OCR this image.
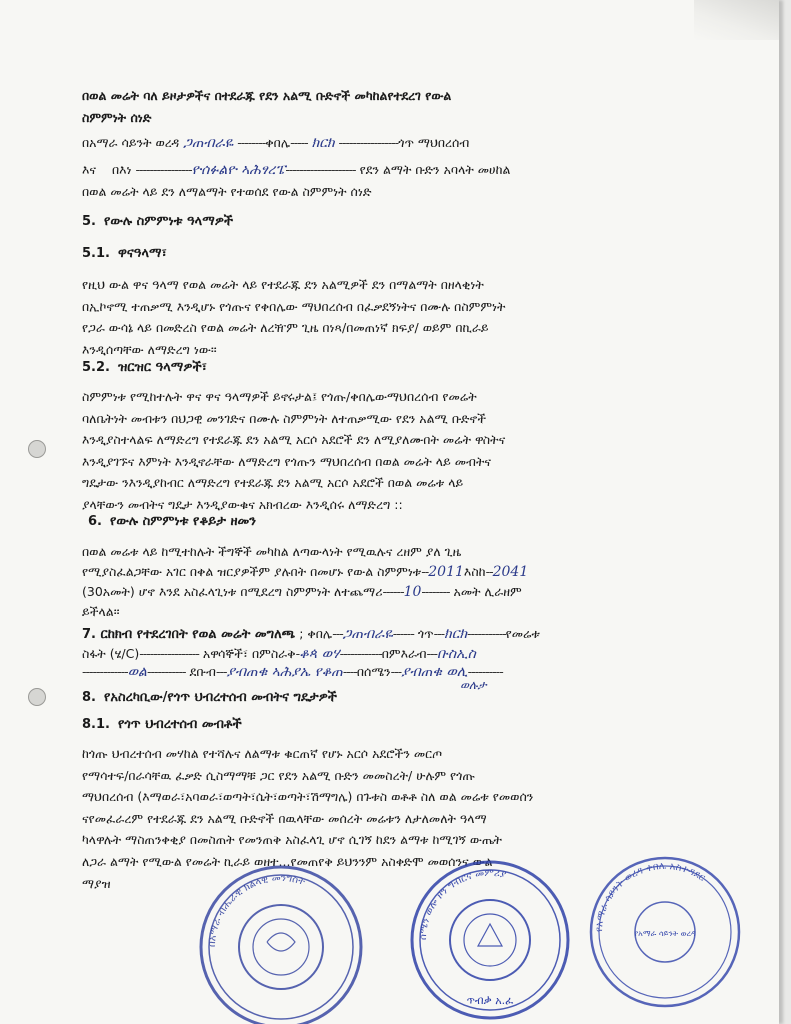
በወል መሬት ባለ ይዞታዎችና በተደራጁ የደን አልሚ ቡድኖች መካከልየተደረገ የውል
ስምምነት ሰነድ
በአማራ ሳይንት ወረዳ ጋጠብራዬ --------ቀበሌ----- ክርክ -----------------ጎጥ ማህበረሰብ
እና በእነ ----------------ዮሰፉልዮ ኣሕፃረፔ-------------------- የደን ልማት ቡድን አባላት መሀከል
በወል መሬት ላይ ደን ለማልማት የተወሰደ የውል ስምምነት ሰነድ
5. የውሉ ስምምነቱ ዓላማዎች
5.1. ዋናዓላማ፣

የዚህ ውል ዋና ዓላማ የወል መሬት ላይ የተደራጁ ደን አልሚዎች ደን በማልማት በዘላቂነት

በኢኮኖሚ ተጠቃሚ እንዲሆኑ የጎጡና የቀበሌው ማህበረሰብ በፈቃደኝነትና በሙሉ በስምምነት

የጋራ ውሳኔ ላይ በመድረስ የወል መሬት ለረዥም ጊዜ በነጻ/በመጠነኛ ክፍያ/ ወይም በኪራይ

እንዲሰጣቸው ለማድረግ ነው፡፡

5.2. ዝርዝር ዓላማዎች፣

ስምምነቱ የሚከተሉት ዋና ዋና ዓላማዎች ይኖሩታል፤ የጎጡ/ቀበሌውማህበረሰብ የመሬት

ባለቤትነት መብቱን በህጋዊ መንገድና በሙሉ ስምምነት ለተጠቃሚው የደን አልሚ ቡድኖች

እንዲያስተላልፍ ለማድረግ የተደራጁ ደን አልሚ አርሶ አደሮች ደን ለሚያለሙበት መሬት ዋስትና

እንዲያገኙና እምነት እንዲኖራቸው ለማድረግ የጎጡን ማህበረሰብ በወል መሬት ላይ መብትና

ግዴታው ንእንዲያከብር ለማድረግ የተደራጁ ደን አልሚ አርሶ አደሮች በወል መሬቱ ላይ

ያላቸውን መብትና ግዴታ እንዲያውቁና አክብረው እንዲሰሩ ለማድረግ ::

6. የውሉ ስምምነቱ የቆይታ ዘመን
በወል መሬቱ ላይ ከሚተከሉት ችግኞች መካከል ለጣውላነት የሚዉሉና ረዘም ያለ ጊዜ
የሚያስፈልጋቸው አገር በቀል ዝርያዎችም ያሉበት በመሆኑ የውል ስምምነቱ--2011እስከ--2041
(30አመት) ሆኖ እንደ አስፈላጊነቱ በሚደረግ ስምምነት ለተጨማሪ------10-------- አመት ሊራዘም
ይችላል፡፡
7. ርከክብ የተደረገበት የወል መሬት መግለጫ ; ቀበሌ---ጋጠብራዬ------ ጎጥ---ክርክ-----------የመሬቱ
ስፋት (ሄ/C)----------------- አዋሳኞች፣ በምስራቅ-ቆጳ ወሃ------------በምእራብ---ቡስኢስ
-------------ወል----------- ደቡብ---ያብጠቁ ኣሕያኤ የቆጠ----በሰሜን---ያብጠቁ ወሊ----------
ወሉታ
8. የአስረካቢው/የጎጥ ህብረተሰብ መብትና ግዴታዎች
8.1. የጎጥ ህብረተሰብ መብቶች

ከጎጡ ህብረተሰብ መሃከል የተሻሉና ለልማቱ ቁርጠኛ የሆኑ አርሶ አደሮችን መርጦ

የማሳተፍ/በራሳቸዉ ፈቃድ ሲስማማቹ ጋር የደን አልሚ ቡድን መመስረት/ ሁሉም የጎጡ

ማህበረሰብ (እማወራ፣አባወራ፣ወጣት፣ሴት፣ወጣት፣ሽማግሌ) በጉቱስ ወቶቶ ስለ ወል መሬቱ የመወሰን

ናየመፈራረም የተደራጁ ደን አልሚ ቡድኖች በዉላቸው መሰረት መሬቱን ለታለመለት ዓላማ

ካላዋሉት ማስጠንቀቂያ በመስጠት የመንጠቅ አስፈላጊ ሆኖ ሲገኝ ከደን ልማቱ ከሚገኝ ውጤት

ለጋራ ልማት የሚውል የመሬት ኪራይ ወዘተ...የመጠየቅ ይህንንም አስቀድሞ መወሰንና ውል

ማያዝ

በአማራ ብሔራዊ ክልላዊ መንግስት
ሰሜን ወሎ ዞን ግብርና መምሪያ
ጥብቃ አ.ፈ
የአማራ ሳይንት ወረዳ ቀበሌ አስተዳደር
የአማራ ሳይንት ወረዳ
